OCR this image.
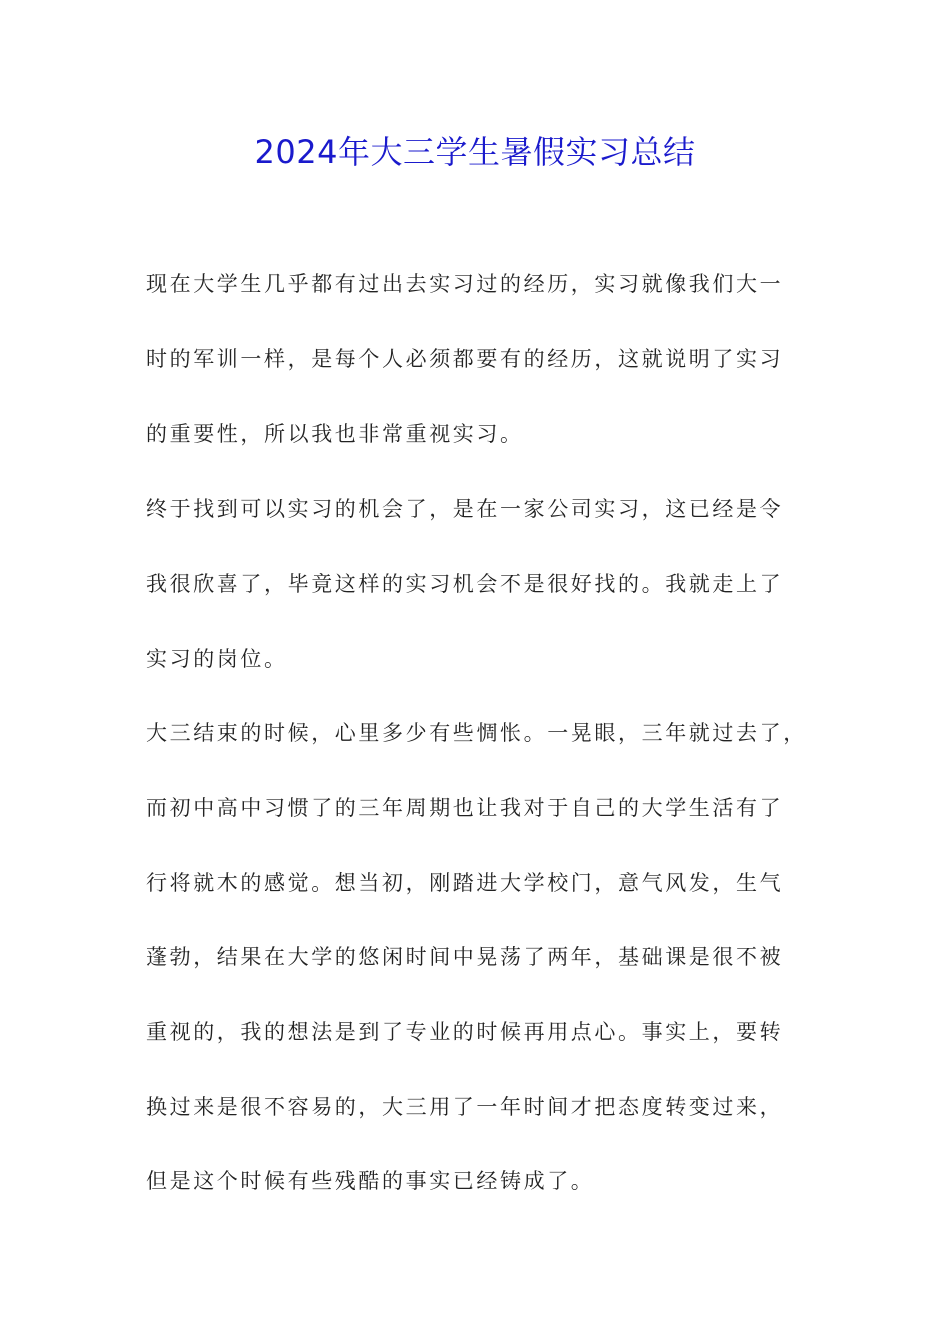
2024年大三学生暑假实习总结
现在大学生几乎都有过出去实习过的经历，实习就像我们大一
时的军训一样，是每个人必须都要有的经历，这就说明了实习
的重要性，所以我也非常重视实习。
终于找到可以实习的机会了，是在一家公司实习，这已经是令
我很欣喜了，毕竟这样的实习机会不是很好找的。我就走上了
实习的岗位。
大三结束的时候，心里多少有些惆怅。一晃眼，三年就过去了，
而初中高中习惯了的三年周期也让我对于自己的大学生活有了
行将就木的感觉。想当初，刚踏进大学校门，意气风发，生气
蓬勃，结果在大学的悠闲时间中晃荡了两年，基础课是很不被
重视的，我的想法是到了专业的时候再用点心。事实上，要转
换过来是很不容易的，大三用了一年时间才把态度转变过来，
但是这个时候有些残酷的事实已经铸成了。
